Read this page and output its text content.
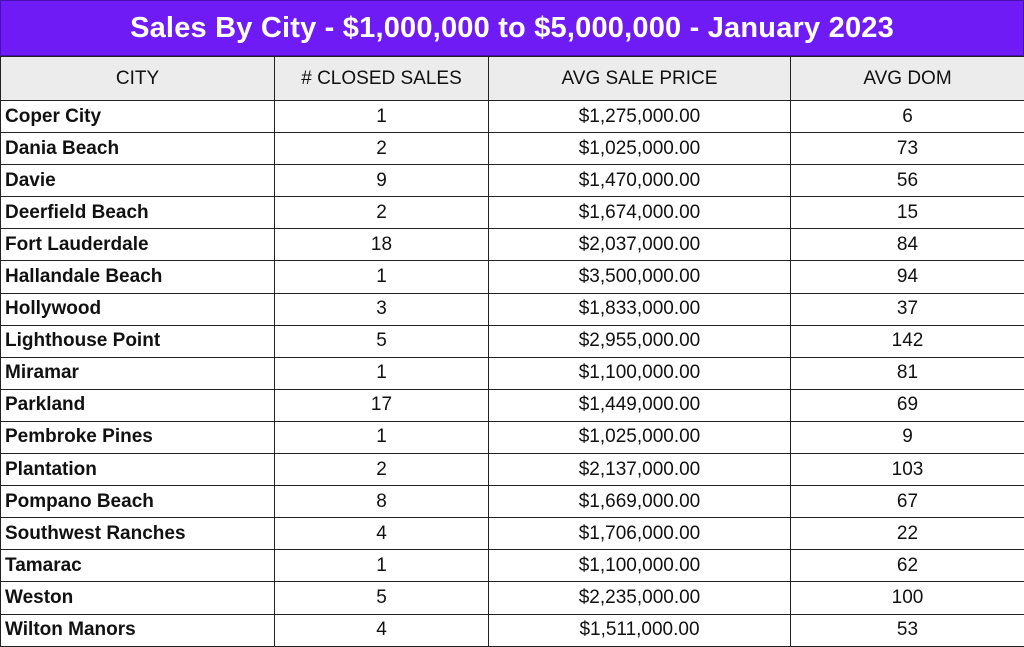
Sales By City - $1,000,000 to $5,000,000 - January 2023
CITY	# CLOSED SALES	AVG SALE PRICE	AVG DOM
Coper City	1	$1,275,000.00	6
Dania Beach	2	$1,025,000.00	73
Davie	9	$1,470,000.00	56
Deerfield Beach	2	$1,674,000.00	15
Fort Lauderdale	18	$2,037,000.00	84
Hallandale Beach	1	$3,500,000.00	94
Hollywood	3	$1,833,000.00	37
Lighthouse Point	5	$2,955,000.00	142
Miramar	1	$1,100,000.00	81
Parkland	17	$1,449,000.00	69
Pembroke Pines	1	$1,025,000.00	9
Plantation	2	$2,137,000.00	103
Pompano Beach	8	$1,669,000.00	67
Southwest Ranches	4	$1,706,000.00	22
Tamarac	1	$1,100,000.00	62
Weston	5	$2,235,000.00	100
Wilton Manors	4	$1,511,000.00	53
